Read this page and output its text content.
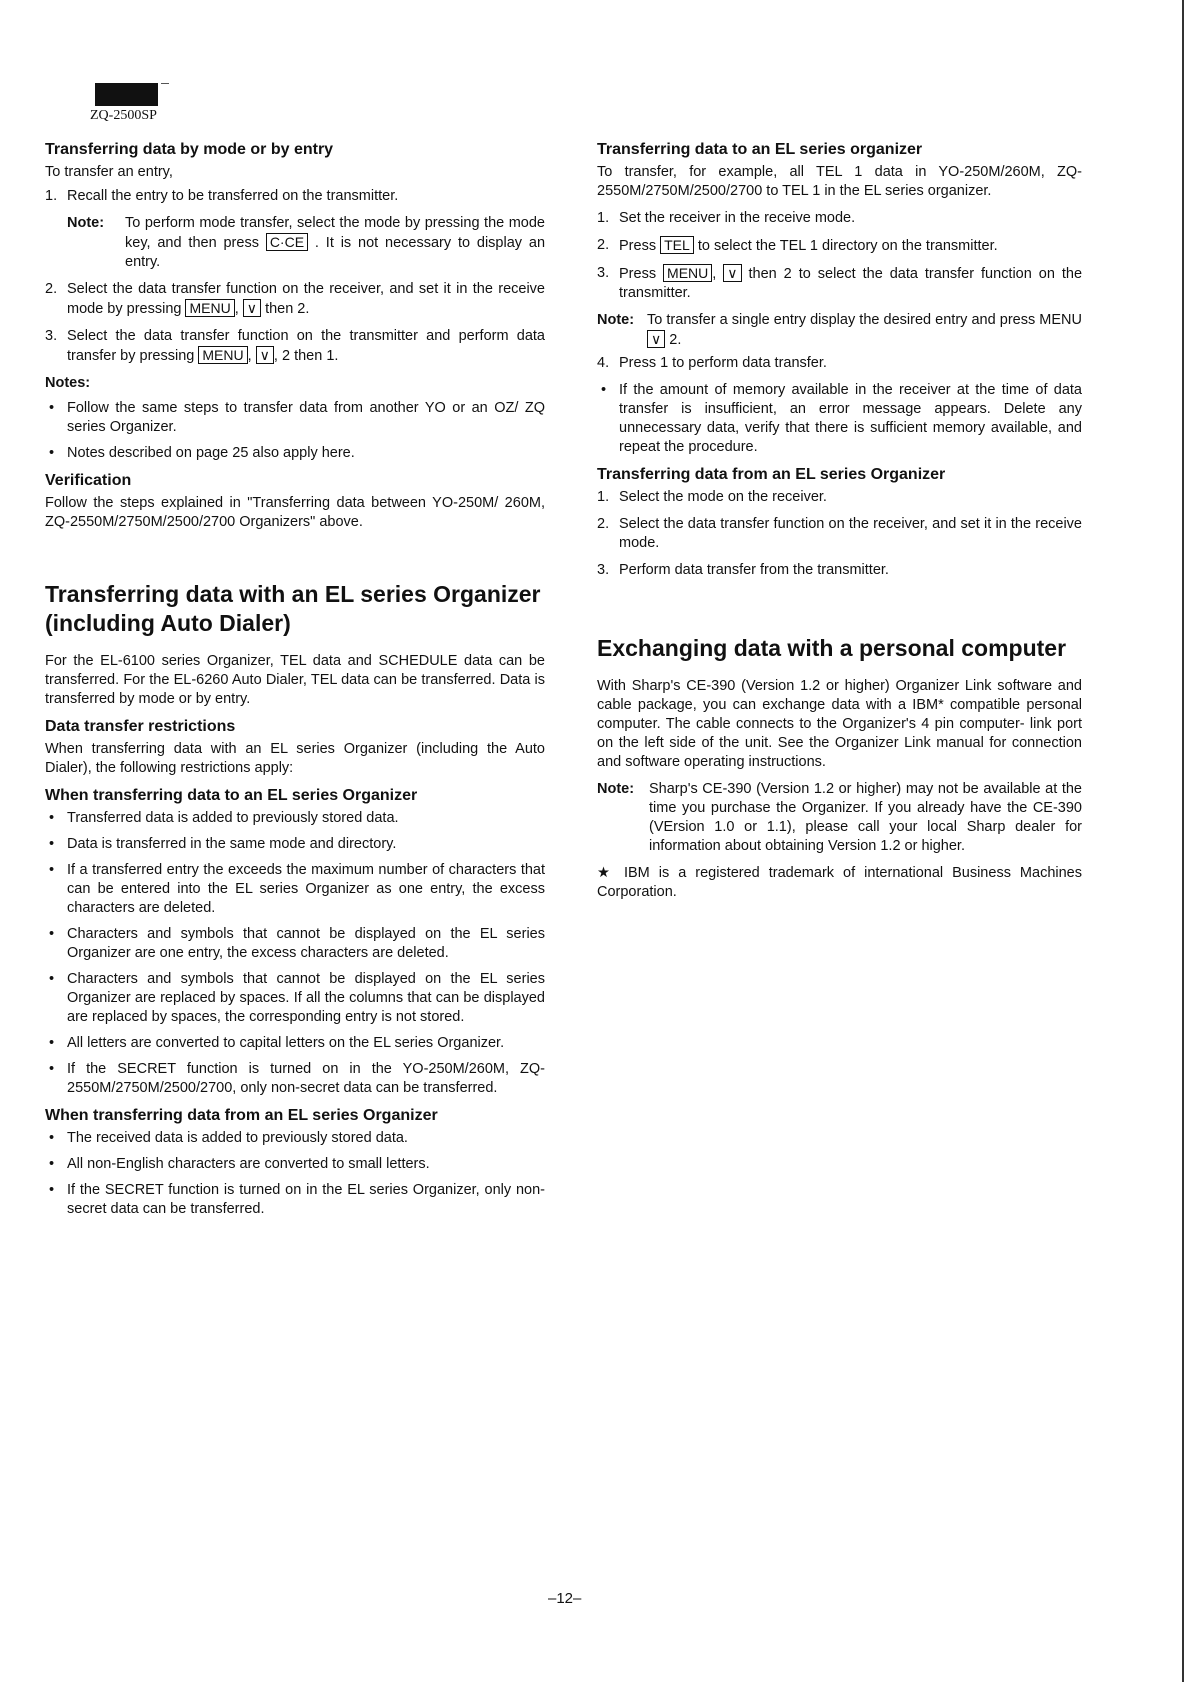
ZQ-2500SP
Transferring data by mode or by entry

To transfer an entry,

1. Recall the entry to be transferred on the transmitter.
Note:	To perform mode transfer, select the mode by pressing the mode key, and then press C·CE . It is not necessary to display an entry.
2. Select the data transfer function on the receiver, and set it in the receive mode by pressing MENU , ∨ then 2.
3. Select the data transfer function on the transmitter and perform data transfer by pressing MENU , ∨ , 2 then 1.
Notes:
• Follow the same steps to transfer data from another YO or an OZ/ ZQ series Organizer.
• Notes described on page 25 also apply here.
Verification

Follow the steps explained in "Transferring data between YO-250M/ 260M, ZQ-2550M/2750M/2500/2700 Organizers" above.

Transferring data with an EL series Organizer (including Auto Dialer)

For the EL-6100 series Organizer, TEL data and SCHEDULE data can be transferred. For the EL-6260 Auto Dialer, TEL data can be transferred. Data is transferred by mode or by entry.

Data transfer restrictions

When transferring data with an EL series Organizer (including the Auto Dialer), the following restrictions apply:

When transferring data to an EL series Organizer
• Transferred data is added to previously stored data.
• Data is transferred in the same mode and directory.
• If a transferred entry the exceeds the maximum number of characters that can be entered into the EL series Organizer as one entry, the excess characters are deleted.
• Characters and symbols that cannot be displayed on the EL series Organizer are one entry, the excess characters are deleted.
• Characters and symbols that cannot be displayed on the EL series Organizer are replaced by spaces. If all the columns that can be displayed are replaced by spaces, the corresponding entry is not stored.
• All letters are converted to capital letters on the EL series Organizer.
• If the SECRET function is turned on in the YO-250M/260M, ZQ-2550M/2750M/2500/2700, only non-secret data can be transferred.
When transferring data from an EL series Organizer
• The received data is added to previously stored data.
• All non-English characters are converted to small letters.
• If the SECRET function is turned on in the EL series Organizer, only non-secret data can be transferred.
Transferring data to an EL series organizer

To transfer, for example, all TEL 1 data in YO-250M/260M, ZQ-2550M/2750M/2500/2700 to TEL 1 in the EL series organizer.

1. Set the receiver in the receive mode.
2. Press TEL to select the TEL 1 directory on the transmitter.
3. Press MENU , ∨ then 2 to select the data transfer function on the transmitter.
Note: To transfer a single entry display the desired entry and press MENU ∨ 2.
4. Press 1 to perform data transfer.
• If the amount of memory available in the receiver at the time of data transfer is insufficient, an error message appears. Delete any unnecessary data, verify that there is sufficient memory available, and repeat the procedure.
Transferring data from an EL series Organizer
1. Select the mode on the receiver.
2. Select the data transfer function on the receiver, and set it in the receive mode.
3. Perform data transfer from the transmitter.
Exchanging data with a personal computer

With Sharp's CE-390 (Version 1.2 or higher) Organizer Link software and cable package, you can exchange data with a IBM* compatible personal computer. The cable connects to the Organizer's 4 pin computer- link port on the left side of the unit. See the Organizer Link manual for connection and software operating instructions.

Note:	Sharp's CE-390 (Version 1.2 or higher) may not be available at the time you purchase the Organizer. If you already have the CE-390 (VErsion 1.0 or 1.1), please call your local Sharp dealer for information about obtaining Version 1.2 or higher.

★ IBM is a registered trademark of international Business Machines Corporation.

–12–
